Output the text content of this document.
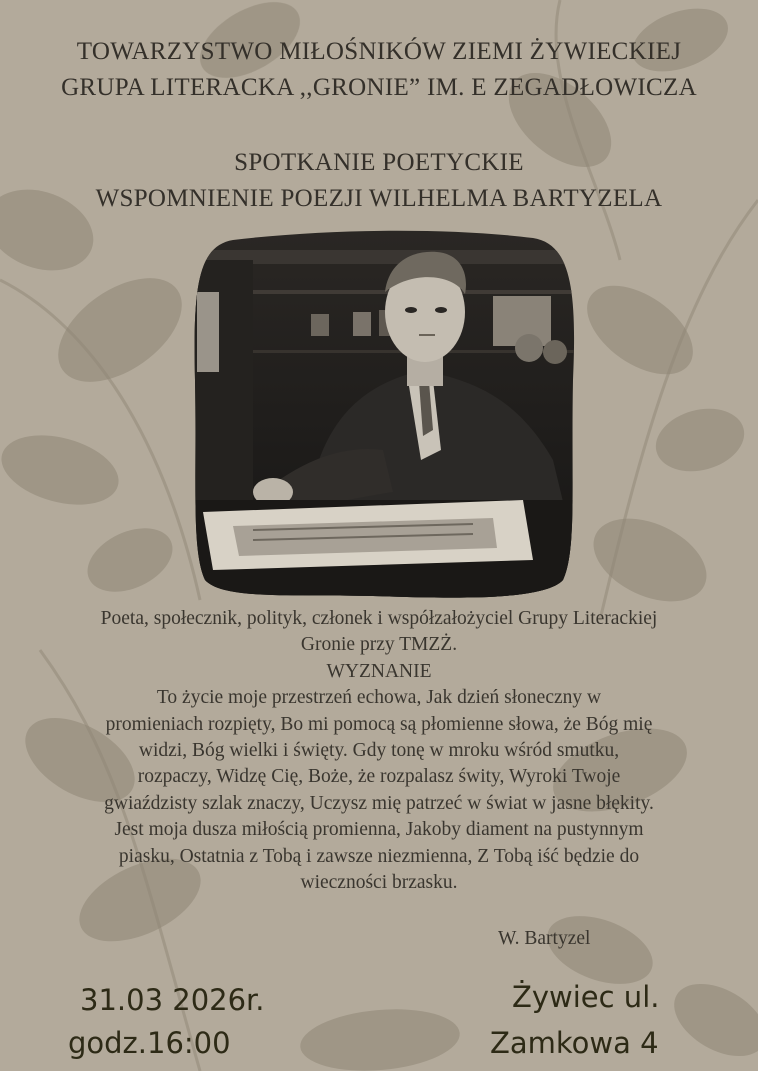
TOWARZYSTWO MIŁOŚNIKÓW ZIEMI ŻYWIECKIEJ
GRUPA LITERACKA ,,GRONIE” IM. E ZEGADŁOWICZA
SPOTKANIE POETYCKIE
WSPOMNIENIE POEZJI WILHELMA BARTYZELA
Poeta, społecznik, polityk, członek i współzałożyciel Grupy Literackiej
Gronie przy TMZŻ.
WYZNANIE
To życie moje przestrzeń echowa, Jak dzień słoneczny w
promieniach rozpięty, Bo mi pomocą są płomienne słowa, że Bóg mię
widzi, Bóg wielki i święty. Gdy tonę w mroku wśród smutku,
rozpaczy, Widzę Cię, Boże, że rozpalasz świty, Wyroki Twoje
gwiaździsty szlak znaczy, Uczysz mię patrzeć w świat w jasne błękity.
Jest moja dusza miłością promienna, Jakoby diament na pustynnym
piasku, Ostatnia z Tobą i zawsze niezmienna, Z Tobą iść będzie do
wieczności brzasku.
W. Bartyzel
31.03 2026r.
godz.16:00
Żywiec ul.
Zamkowa 4
